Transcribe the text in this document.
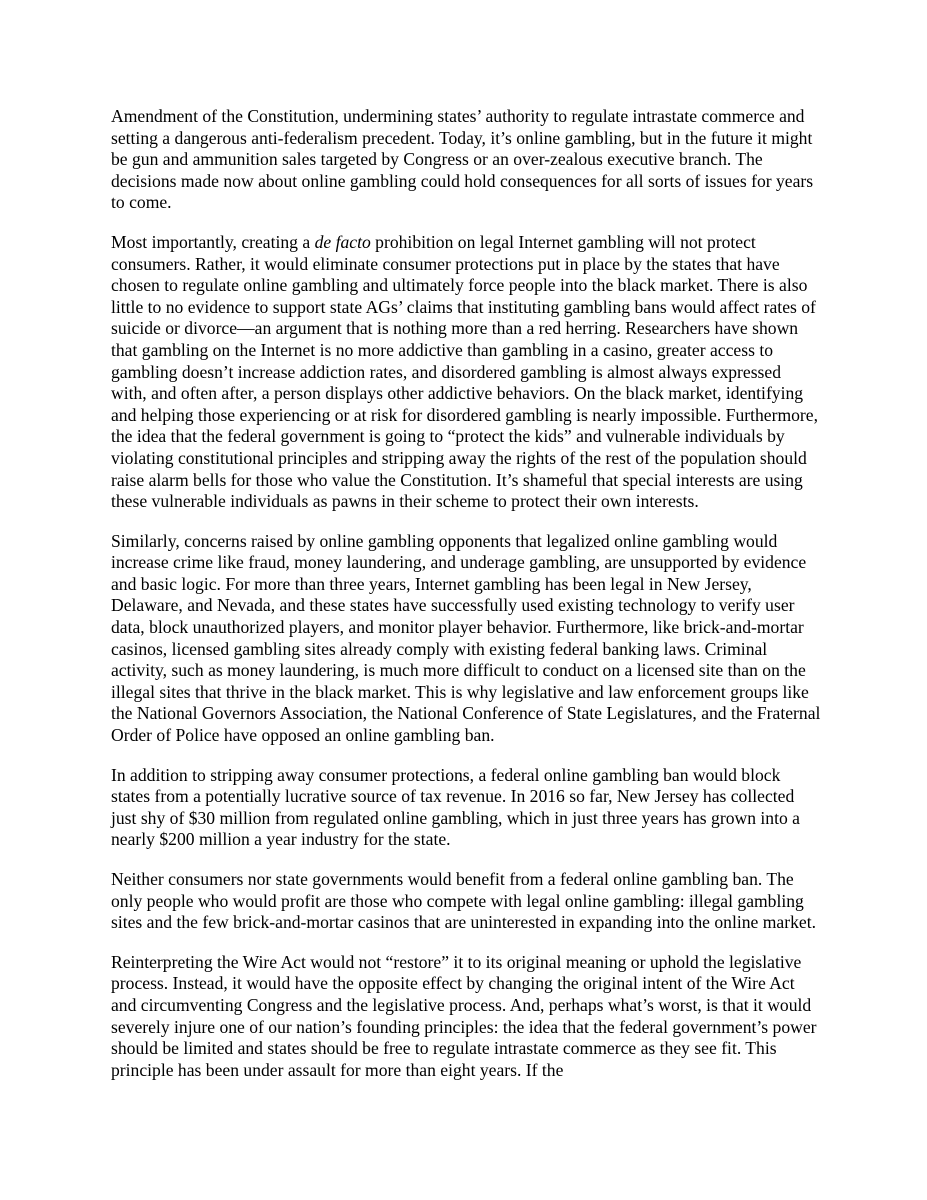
Amendment of the Constitution, undermining states’ authority to regulate intrastate commerce and setting a dangerous anti-federalism precedent. Today, it’s online gambling, but in the future it might be gun and ammunition sales targeted by Congress or an over-zealous executive branch. The decisions made now about online gambling could hold consequences for all sorts of issues for years to come.

Most importantly, creating a de facto prohibition on legal Internet gambling will not protect consumers. Rather, it would eliminate consumer protections put in place by the states that have chosen to regulate online gambling and ultimately force people into the black market. There is also little to no evidence to support state AGs’ claims that instituting gambling bans would affect rates of suicide or divorce—an argument that is nothing more than a red herring. Researchers have shown that gambling on the Internet is no more addictive than gambling in a casino, greater access to gambling doesn’t increase addiction rates, and disordered gambling is almost always expressed with, and often after, a person displays other addictive behaviors. On the black market, identifying and helping those experiencing or at risk for disordered gambling is nearly impossible. Furthermore, the idea that the federal government is going to “protect the kids” and vulnerable individuals by violating constitutional principles and stripping away the rights of the rest of the population should raise alarm bells for those who value the Constitution. It’s shameful that special interests are using these vulnerable individuals as pawns in their scheme to protect their own interests.

Similarly, concerns raised by online gambling opponents that legalized online gambling would increase crime like fraud, money laundering, and underage gambling, are unsupported by evidence and basic logic. For more than three years, Internet gambling has been legal in New Jersey, Delaware, and Nevada, and these states have successfully used existing technology to verify user data, block unauthorized players, and monitor player behavior. Furthermore, like brick-and-mortar casinos, licensed gambling sites already comply with existing federal banking laws. Criminal activity, such as money laundering, is much more difficult to conduct on a licensed site than on the illegal sites that thrive in the black market. This is why legislative and law enforcement groups like the National Governors Association, the National Conference of State Legislatures, and the Fraternal Order of Police have opposed an online gambling ban.

In addition to stripping away consumer protections, a federal online gambling ban would block states from a potentially lucrative source of tax revenue. In 2016 so far, New Jersey has collected just shy of $30 million from regulated online gambling, which in just three years has grown into a nearly $200 million a year industry for the state.

Neither consumers nor state governments would benefit from a federal online gambling ban. The only people who would profit are those who compete with legal online gambling: illegal gambling sites and the few brick-and-mortar casinos that are uninterested in expanding into the online market.

Reinterpreting the Wire Act would not “restore” it to its original meaning or uphold the legislative process. Instead, it would have the opposite effect by changing the original intent of the Wire Act and circumventing Congress and the legislative process. And, perhaps what’s worst, is that it would severely injure one of our nation’s founding principles: the idea that the federal government’s power should be limited and states should be free to regulate intrastate commerce as they see fit. This principle has been under assault for more than eight years. If the
